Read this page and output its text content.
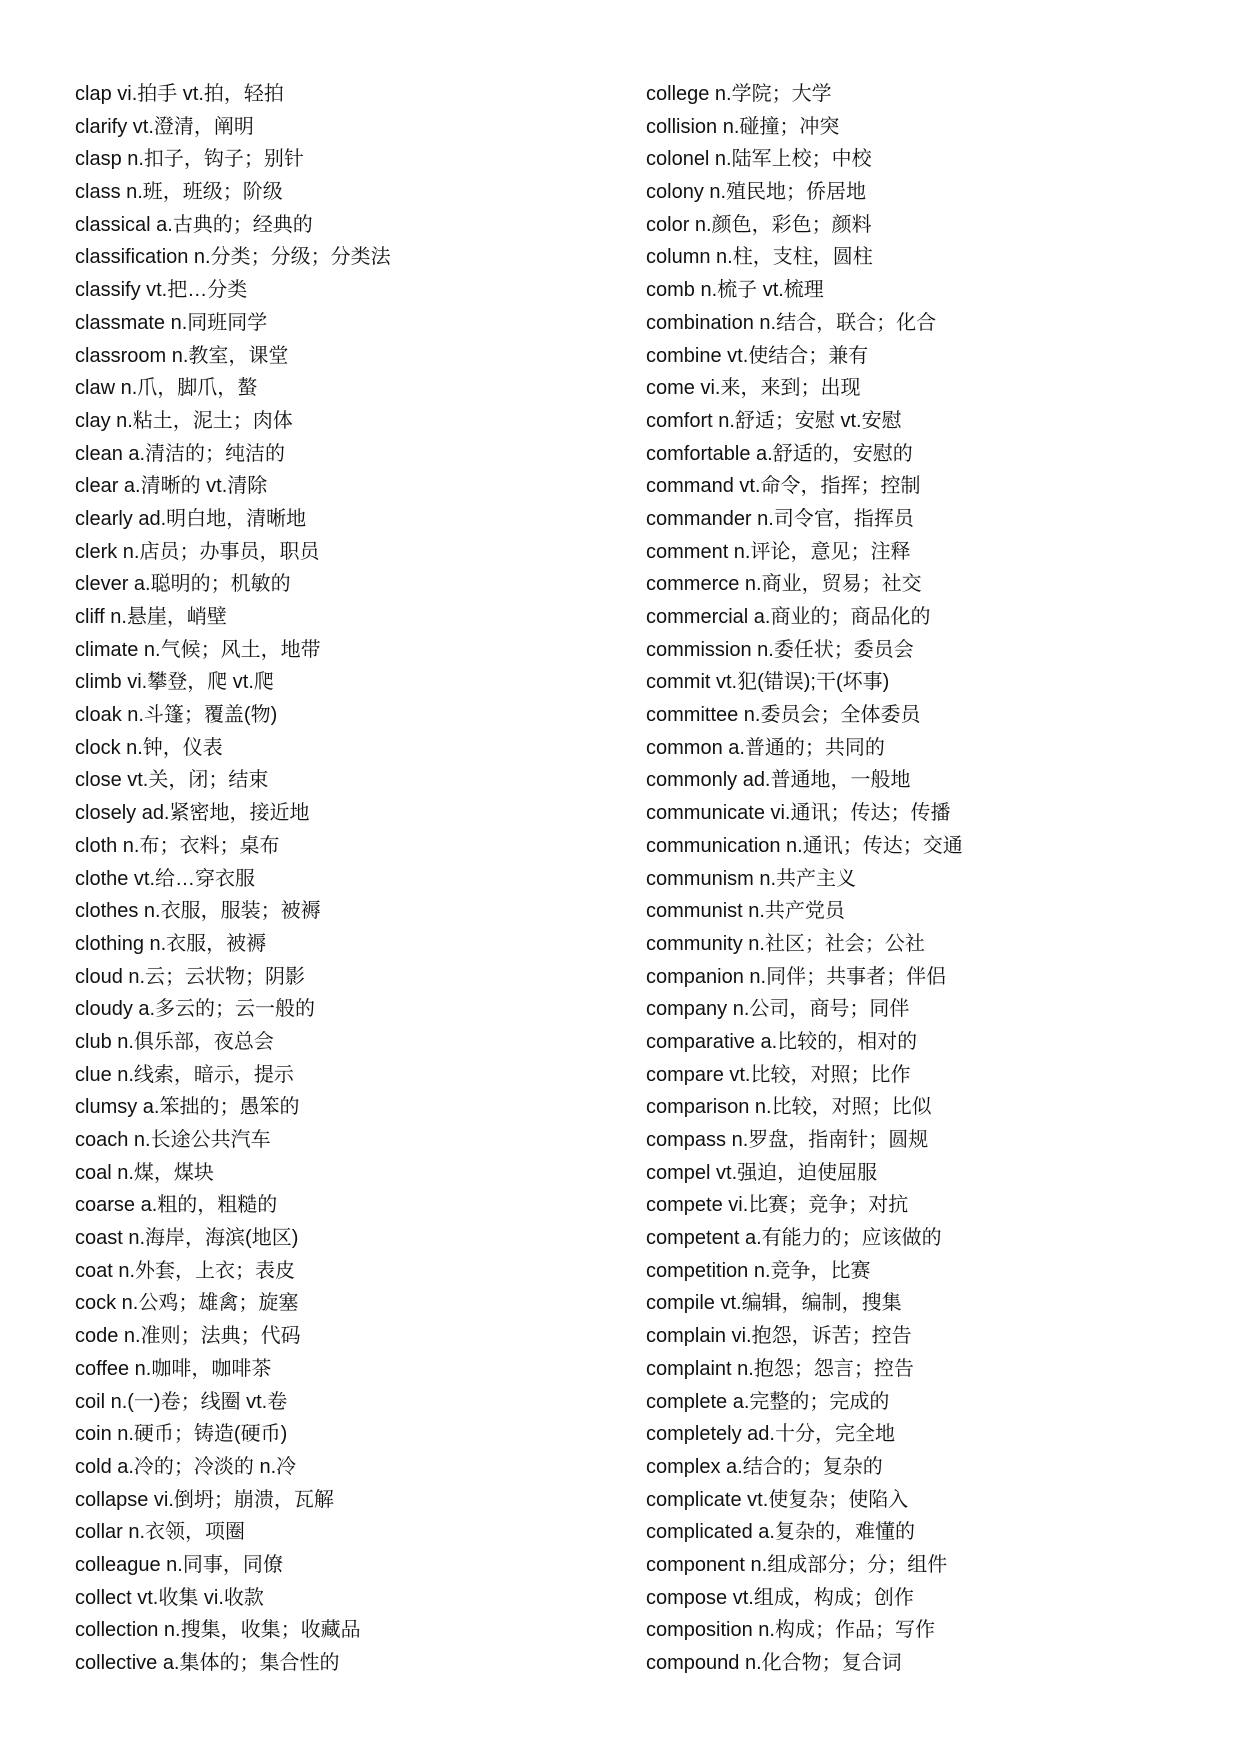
clap vi.拍手 vt.拍，轻拍
clarify vt.澄清，阐明
clasp n.扣子，钩子；别针
class n.班，班级；阶级
classical a.古典的；经典的
classification n.分类；分级；分类法
classify vt.把…分类
classmate n.同班同学
classroom n.教室，课堂
claw n.爪，脚爪，螯
clay n.粘土，泥土；肉体
clean a.清洁的；纯洁的
clear a.清晰的 vt.清除
clearly ad.明白地，清晰地
clerk n.店员；办事员，职员
clever a.聪明的；机敏的
cliff n.悬崖，峭壁
climate n.气候；风土，地带
climb vi.攀登，爬 vt.爬
cloak n.斗篷；覆盖(物)
clock n.钟，仪表
close vt.关，闭；结束
closely ad.紧密地，接近地
cloth n.布；衣料；桌布
clothe vt.给…穿衣服
clothes n.衣服，服装；被褥
clothing n.衣服，被褥
cloud n.云；云状物；阴影
cloudy a.多云的；云一般的
club n.俱乐部，夜总会
clue n.线索，暗示，提示
clumsy a.笨拙的；愚笨的
coach n.长途公共汽车
coal n.煤，煤块
coarse a.粗的，粗糙的
coast n.海岸，海滨(地区)
coat n.外套，上衣；表皮
cock n.公鸡；雄禽；旋塞
code n.准则；法典；代码
coffee n.咖啡，咖啡茶
coil n.(一)卷；线圈 vt.卷
coin n.硬币；铸造(硬币)
cold a.冷的；冷淡的 n.冷
collapse vi.倒坍；崩溃，瓦解
collar n.衣领，项圈
colleague n.同事，同僚
collect vt.收集 vi.收款
collection n.搜集，收集；收藏品
collective a.集体的；集合性的
college n.学院；大学
collision n.碰撞；冲突
colonel n.陆军上校；中校
colony n.殖民地；侨居地
color n.颜色，彩色；颜料
column n.柱，支柱，圆柱
comb n.梳子 vt.梳理
combination n.结合，联合；化合
combine vt.使结合；兼有
come vi.来，来到；出现
comfort n.舒适；安慰 vt.安慰
comfortable a.舒适的，安慰的
command vt.命令，指挥；控制
commander n.司令官，指挥员
comment n.评论，意见；注释
commerce n.商业，贸易；社交
commercial a.商业的；商品化的
commission n.委任状；委员会
commit vt.犯(错误);干(坏事)
committee n.委员会；全体委员
common a.普通的；共同的
commonly ad.普通地，一般地
communicate vi.通讯；传达；传播
communication n.通讯；传达；交通
communism n.共产主义
communist n.共产党员
community n.社区；社会；公社
companion n.同伴；共事者；伴侣
company n.公司，商号；同伴
comparative a.比较的，相对的
compare vt.比较，对照；比作
comparison n.比较，对照；比似
compass n.罗盘，指南针；圆规
compel vt.强迫，迫使屈服
compete vi.比赛；竞争；对抗
competent a.有能力的；应该做的
competition n.竞争，比赛
compile vt.编辑，编制，搜集
complain vi.抱怨，诉苦；控告
complaint n.抱怨；怨言；控告
complete a.完整的；完成的
completely ad.十分，完全地
complex a.结合的；复杂的
complicate vt.使复杂；使陷入
complicated a.复杂的，难懂的
component n.组成部分；分；组件
compose vt.组成，构成；创作
composition n.构成；作品；写作
compound n.化合物；复合词
